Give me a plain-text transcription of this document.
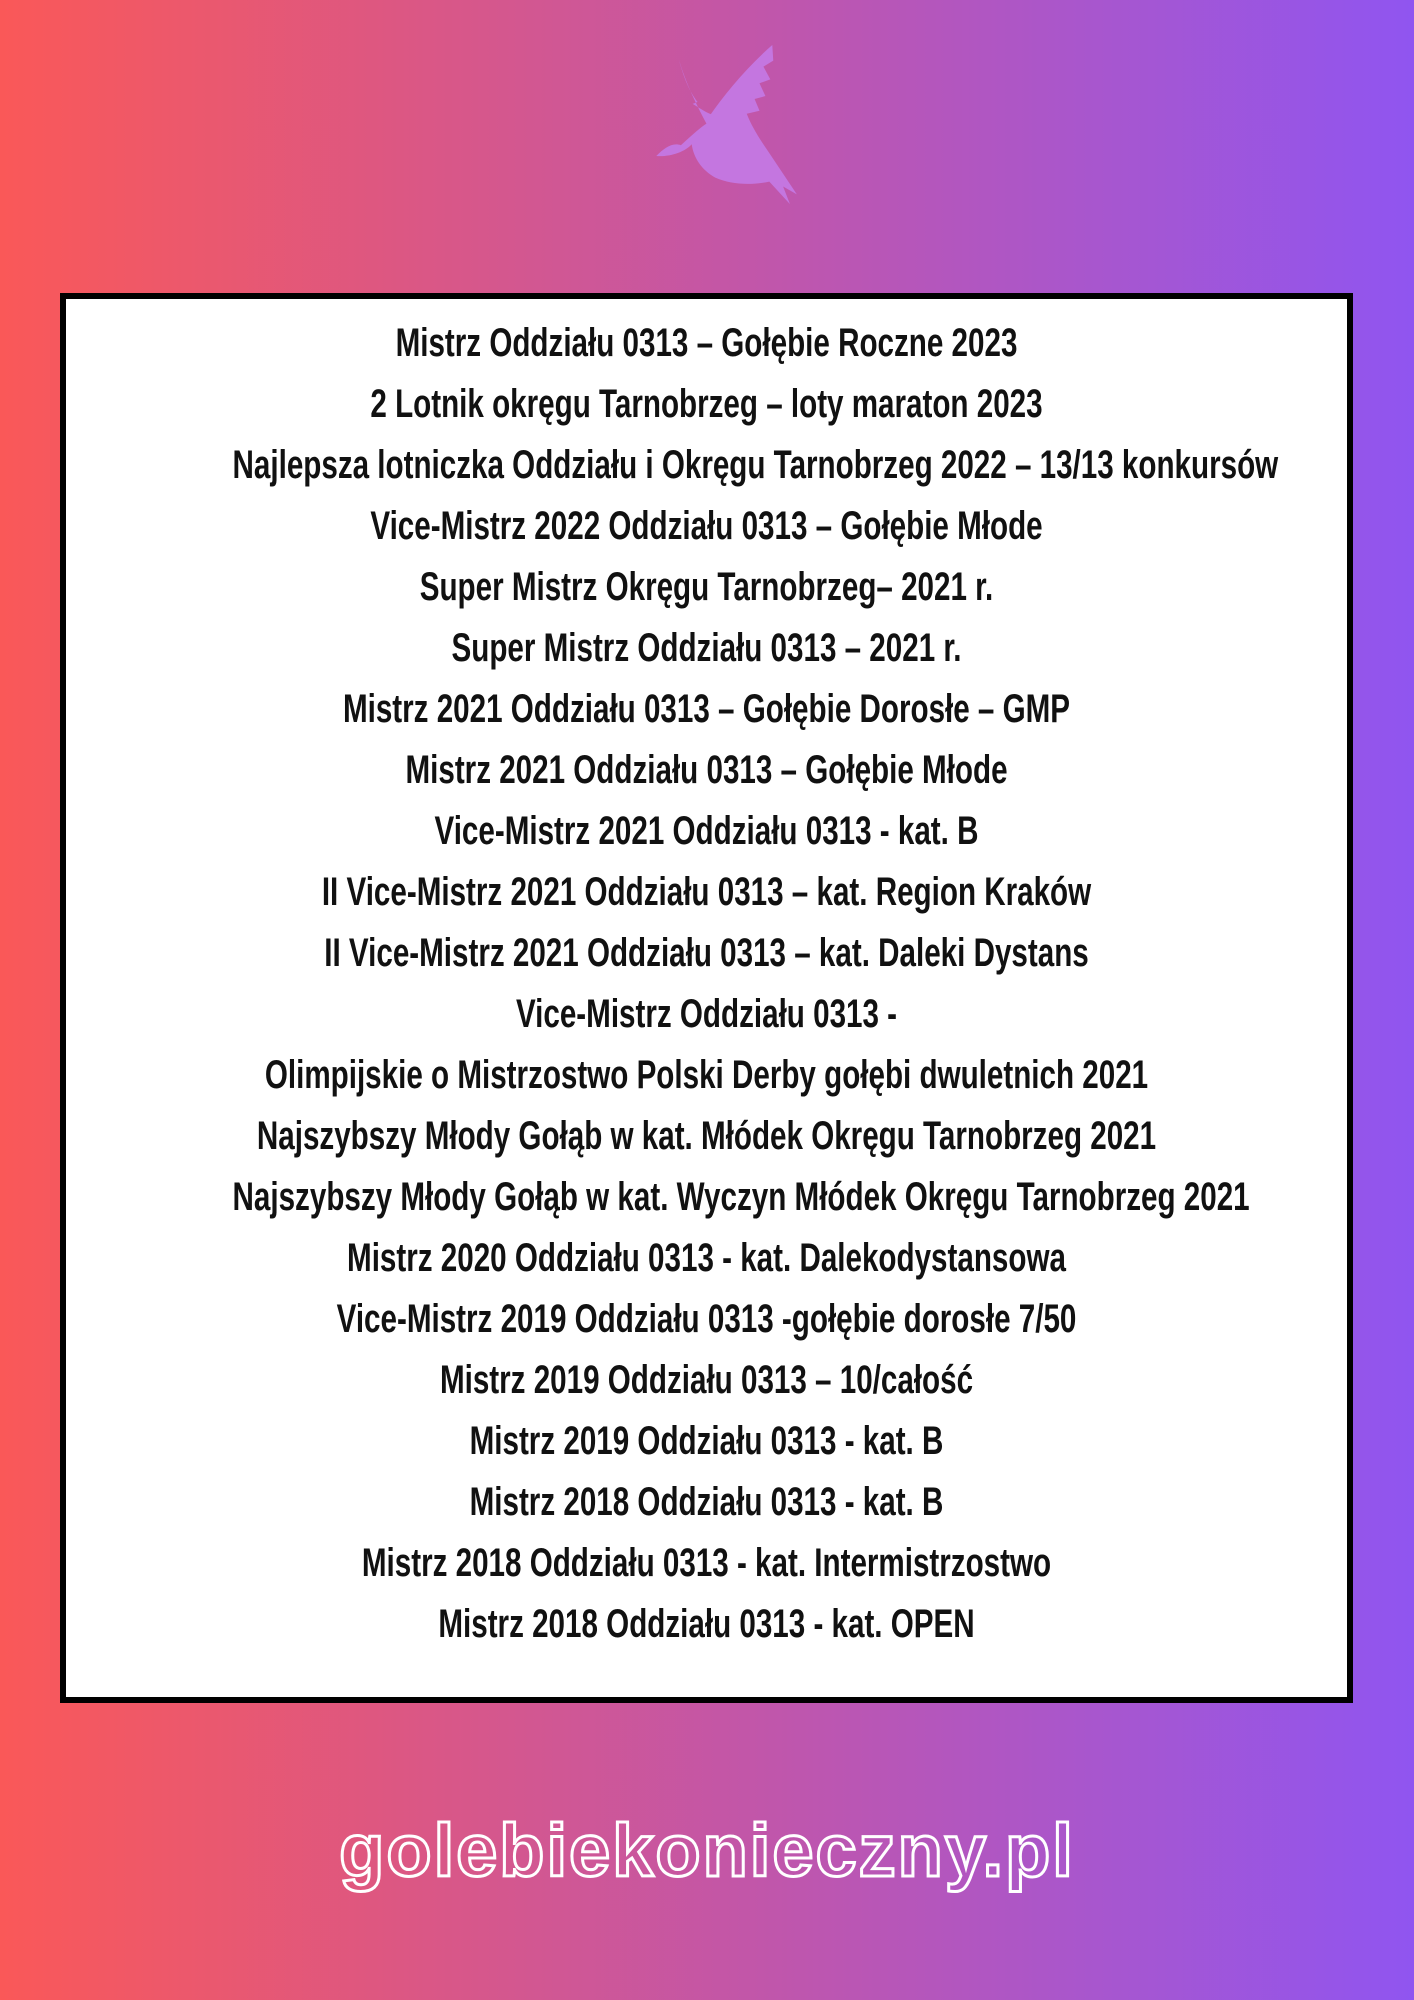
Mistrz Oddziału 0313 – Gołębie Roczne 2023
2 Lotnik okręgu Tarnobrzeg – loty maraton 2023
Najlepsza lotniczka Oddziału i Okręgu Tarnobrzeg 2022 – 13/13 konkursów
Vice-Mistrz 2022 Oddziału 0313 – Gołębie Młode
Super Mistrz Okręgu Tarnobrzeg– 2021 r.
Super Mistrz Oddziału 0313 – 2021 r.
Mistrz 2021 Oddziału 0313 – Gołębie Dorosłe – GMP
Mistrz 2021 Oddziału 0313 – Gołębie Młode
Vice-Mistrz 2021 Oddziału 0313 - kat. B
II Vice-Mistrz 2021 Oddziału 0313 – kat. Region Kraków
II Vice-Mistrz 2021 Oddziału 0313 – kat. Daleki Dystans
Vice-Mistrz Oddziału 0313 -
Olimpijskie o Mistrzostwo Polski Derby gołębi dwuletnich 2021
Najszybszy Młody Gołąb w kat. Młódek Okręgu Tarnobrzeg 2021
Najszybszy Młody Gołąb w kat. Wyczyn Młódek Okręgu Tarnobrzeg 2021
Mistrz 2020 Oddziału 0313 - kat. Dalekodystansowa
Vice-Mistrz 2019 Oddziału 0313 -gołębie dorosłe 7/50
Mistrz 2019 Oddziału 0313 – 10/całość
Mistrz 2019 Oddziału 0313 - kat. B
Mistrz 2018 Oddziału 0313 - kat. B
Mistrz 2018 Oddziału 0313 - kat. Intermistrzostwo
Mistrz 2018 Oddziału 0313 - kat. OPEN
golebiekonieczny.pl
